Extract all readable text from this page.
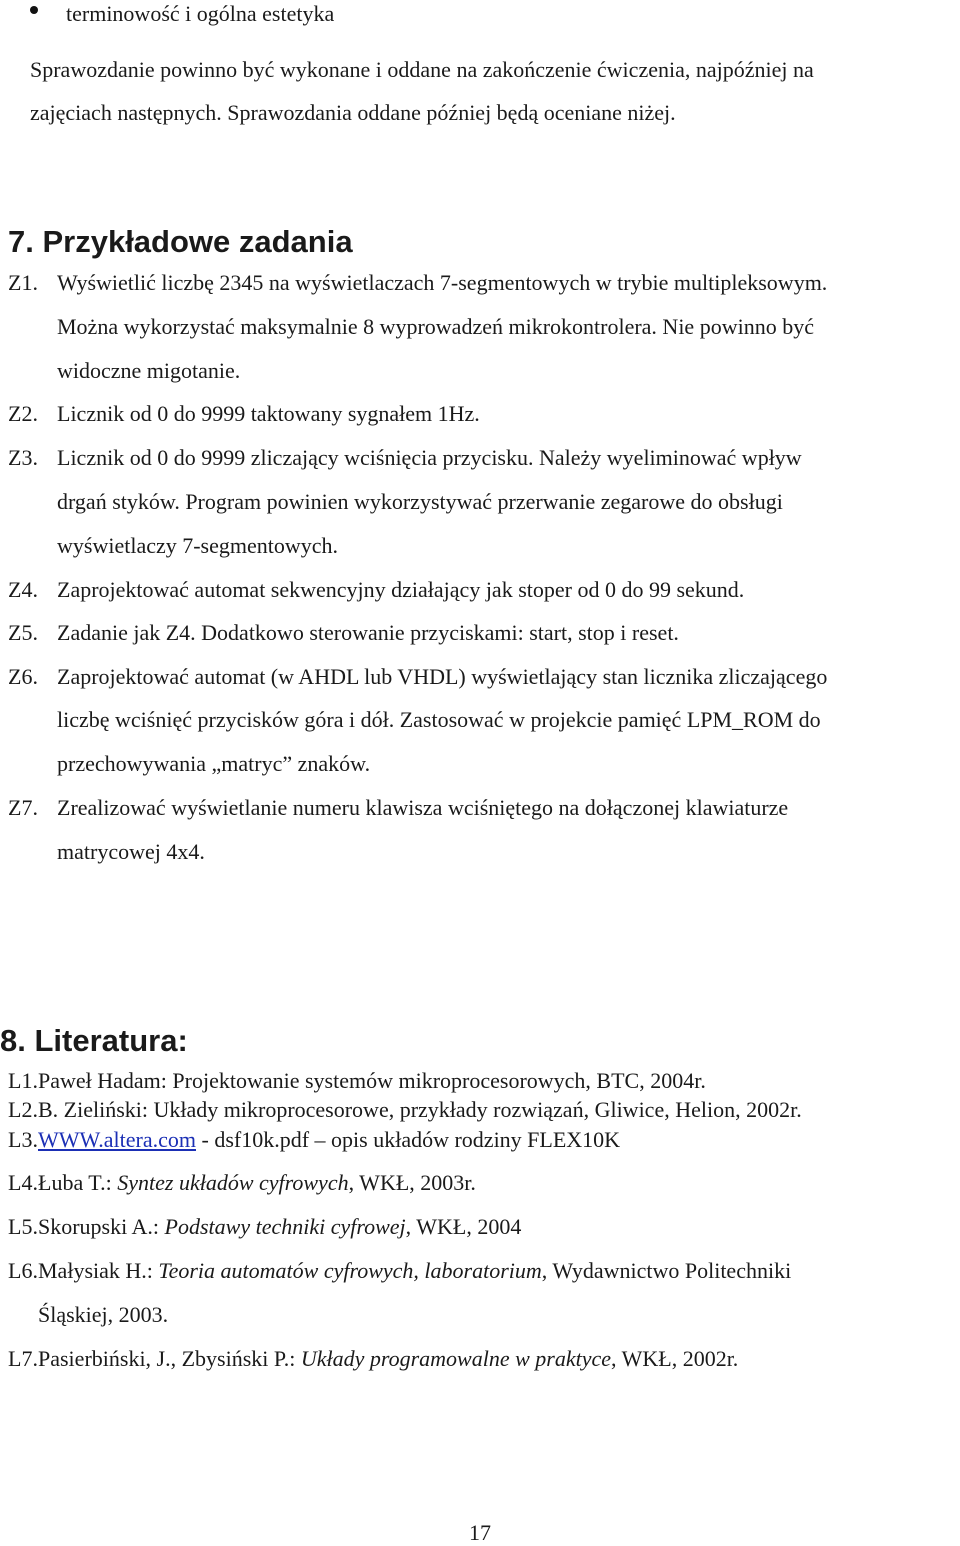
terminowość i ogólna estetyka
Sprawozdanie powinno być wykonane i oddane na zakończenie ćwiczenia, najpóźniej na
zajęciach następnych. Sprawozdania oddane później będą oceniane niżej.
7. Przykładowe zadania
Z1. Wyświetlić liczbę 2345 na wyświetlaczach 7-segmentowych w trybie multipleksowym.
Można wykorzystać maksymalnie 8 wyprowadzeń mikrokontrolera. Nie powinno być
widoczne migotanie.
Z2. Licznik od 0 do 9999 taktowany sygnałem 1Hz.
Z3. Licznik od 0 do 9999 zliczający wciśnięcia przycisku. Należy wyeliminować wpływ
drgań styków. Program powinien wykorzystywać przerwanie zegarowe do obsługi
wyświetlaczy 7-segmentowych.
Z4. Zaprojektować automat sekwencyjny działający jak stoper od 0 do 99 sekund.
Z5. Zadanie jak Z4. Dodatkowo sterowanie przyciskami: start, stop i reset.
Z6. Zaprojektować automat (w AHDL lub VHDL) wyświetlający stan licznika zliczającego
liczbę wciśnięć przycisków góra i dół. Zastosować w projekcie pamięć LPM_ROM do
przechowywania „matryc” znaków.
Z7. Zrealizować wyświetlanie numeru klawisza wciśniętego na dołączonej klawiaturze
matrycowej 4x4.
8. Literatura:
L1. Paweł Hadam: Projektowanie systemów mikroprocesorowych, BTC, 2004r.
L2. B. Zieliński: Układy mikroprocesorowe, przykłady rozwiązań, Gliwice, Helion, 2002r.
L3. WWW.altera.com - dsf10k.pdf – opis układów rodziny FLEX10K
L4. Łuba T.: Syntez układów cyfrowych, WKŁ, 2003r.
L5. Skorupski A.: Podstawy techniki cyfrowej, WKŁ, 2004
L6. Małysiak H.: Teoria automatów cyfrowych, laboratorium, Wydawnictwo Politechniki
Śląskiej, 2003.
L7. Pasierbiński, J., Zbysiński P.: Układy programowalne w praktyce, WKŁ, 2002r.
17
